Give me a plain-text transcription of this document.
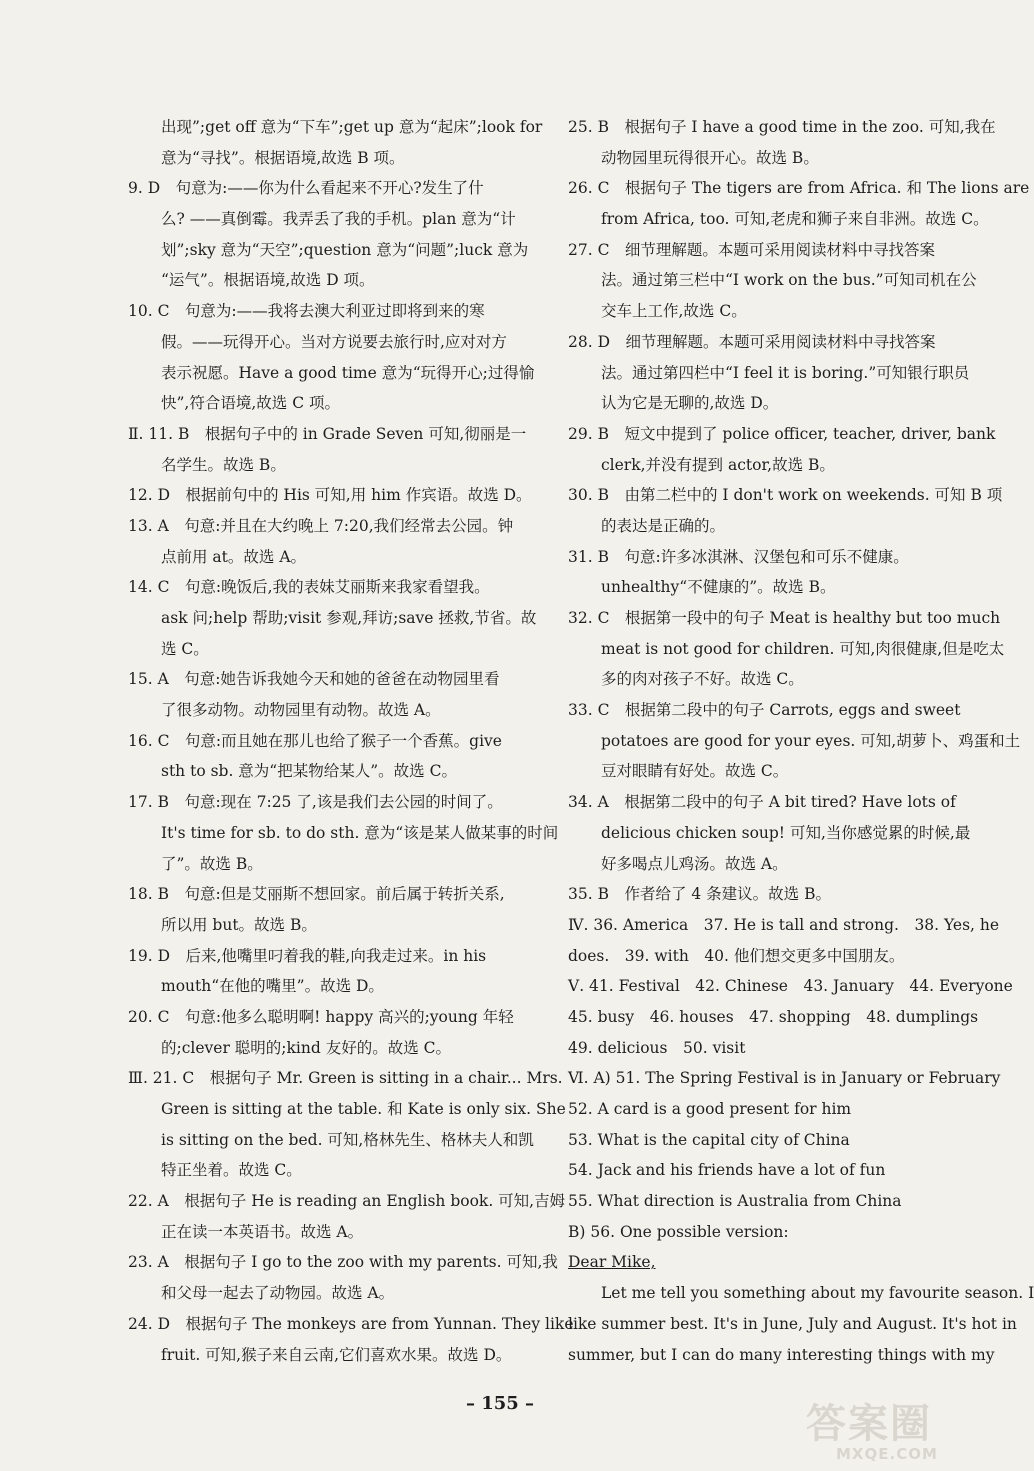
出现”;get off 意为“下车”;get up 意为“起床”;look for
意为“寻找”。根据语境,故选 B 项。
9. D　句意为:——你为什么看起来不开心?发生了什
么? ——真倒霉。我弄丢了我的手机。plan 意为“计
划”;sky 意为“天空”;question 意为“问题”;luck 意为
“运气”。根据语境,故选 D 项。
10. C　句意为:——我将去澳大利亚过即将到来的寒
假。——玩得开心。当对方说要去旅行时,应对对方
表示祝愿。Have a good time 意为“玩得开心;过得愉
快”,符合语境,故选 C 项。
Ⅱ. 11. B　根据句子中的 in Grade Seven 可知,彻丽是一
名学生。故选 B。
12. D　根据前句中的 His 可知,用 him 作宾语。故选 D。
13. A　句意:并且在大约晚上 7:20,我们经常去公园。钟
点前用 at。故选 A。
14. C　句意:晚饭后,我的表妹艾丽斯来我家看望我。
ask 问;help 帮助;visit 参观,拜访;save 拯救,节省。故
选 C。
15. A　句意:她告诉我她今天和她的爸爸在动物园里看
了很多动物。动物园里有动物。故选 A。
16. C　句意:而且她在那儿也给了猴子一个香蕉。give
sth to sb. 意为“把某物给某人”。故选 C。
17. B　句意:现在 7:25 了,该是我们去公园的时间了。
It's time for sb. to do sth. 意为“该是某人做某事的时间
了”。故选 B。
18. B　句意:但是艾丽斯不想回家。前后属于转折关系,
所以用 but。故选 B。
19. D　后来,他嘴里叼着我的鞋,向我走过来。in his
mouth“在他的嘴里”。故选 D。
20. C　句意:他多么聪明啊! happy 高兴的;young 年轻
的;clever 聪明的;kind 友好的。故选 C。
Ⅲ. 21. C　根据句子 Mr. Green is sitting in a chair... Mrs.
Green is sitting at the table. 和 Kate is only six. She
is sitting on the bed. 可知,格林先生、格林夫人和凯
特正坐着。故选 C。
22. A　根据句子 He is reading an English book. 可知,吉姆
正在读一本英语书。故选 A。
23. A　根据句子 I go to the zoo with my parents. 可知,我
和父母一起去了动物园。故选 A。
24. D　根据句子 The monkeys are from Yunnan. They like
fruit. 可知,猴子来自云南,它们喜欢水果。故选 D。
25. B　根据句子 I have a good time in the zoo. 可知,我在
动物园里玩得很开心。故选 B。
26. C　根据句子 The tigers are from Africa. 和 The lions are
from Africa, too. 可知,老虎和狮子来自非洲。故选 C。
27. C　细节理解题。本题可采用阅读材料中寻找答案
法。通过第三栏中“I work on the bus.”可知司机在公
交车上工作,故选 C。
28. D　细节理解题。本题可采用阅读材料中寻找答案
法。通过第四栏中“I feel it is boring.”可知银行职员
认为它是无聊的,故选 D。
29. B　短文中提到了 police officer, teacher, driver, bank
clerk,并没有提到 actor,故选 B。
30. B　由第二栏中的 I don't work on weekends. 可知 B 项
的表达是正确的。
31. B　句意:许多冰淇淋、汉堡包和可乐不健康。
unhealthy“不健康的”。故选 B。
32. C　根据第一段中的句子 Meat is healthy but too much
meat is not good for children. 可知,肉很健康,但是吃太
多的肉对孩子不好。故选 C。
33. C　根据第二段中的句子 Carrots, eggs and sweet
potatoes are good for your eyes. 可知,胡萝卜、鸡蛋和土
豆对眼睛有好处。故选 C。
34. A　根据第二段中的句子 A bit tired? Have lots of
delicious chicken soup! 可知,当你感觉累的时候,最
好多喝点儿鸡汤。故选 A。
35. B　作者给了 4 条建议。故选 B。
Ⅳ. 36. America　37. He is tall and strong.　38. Yes, he
does.　39. with　40. 他们想交更多中国朋友。
Ⅴ. 41. Festival　42. Chinese　43. January　44. Everyone
45. busy　46. houses　47. shopping　48. dumplings
49. delicious　50. visit
Ⅵ. A) 51. The Spring Festival is in January or February
52. A card is a good present for him
53. What is the capital city of China
54. Jack and his friends have a lot of fun
55. What direction is Australia from China
B) 56. One possible version:
Dear Mike,
Let me tell you something about my favourite season. I
like summer best. It's in June, July and August. It's hot in
summer, but I can do many interesting things with my
– 155 –	答案圈
MXQE.COM
